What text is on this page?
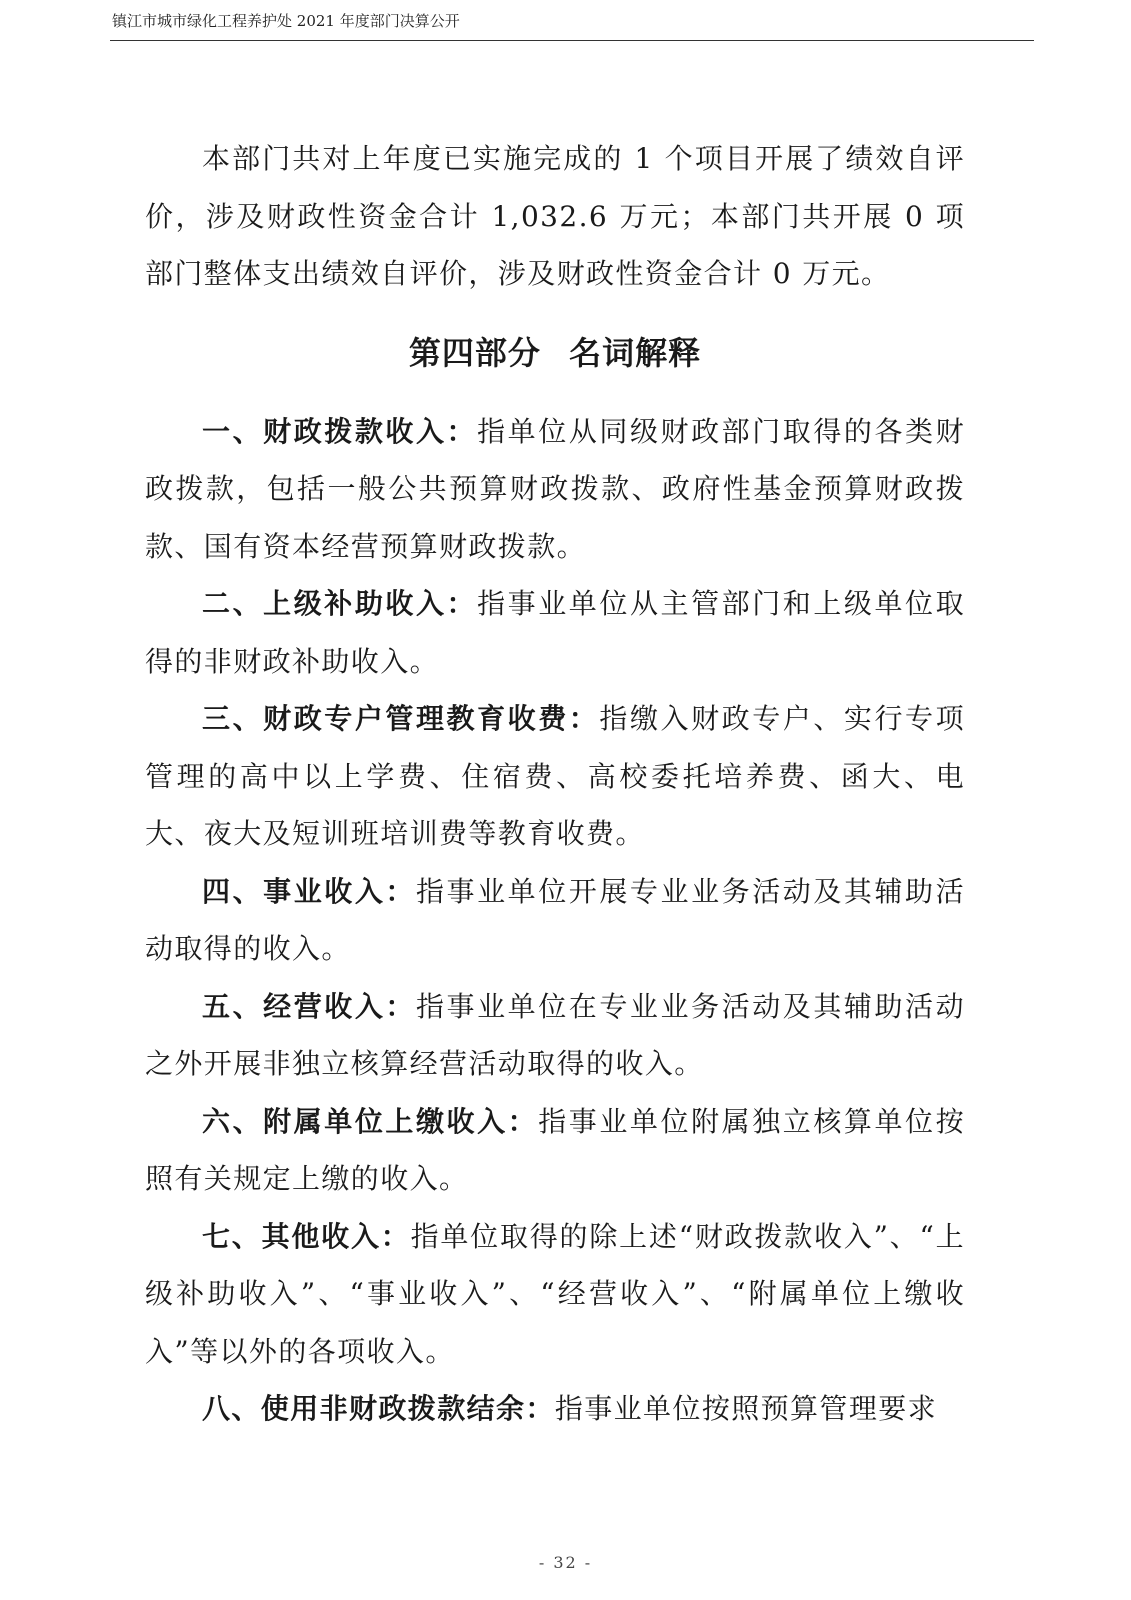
镇江市城市绿化工程养护处 2021 年度部门决算公开

本部门共对上年度已实施完成的 1 个项目开展了绩效自评价，涉及财政性资金合计 1,032.6 万元；本部门共开展 0 项部门整体支出绩效自评价，涉及财政性资金合计 0 万元。

第四部分 名词解释

一、财政拨款收入：指单位从同级财政部门取得的各类财政拨款，包括一般公共预算财政拨款、政府性基金预算财政拨款、国有资本经营预算财政拨款。

二、上级补助收入：指事业单位从主管部门和上级单位取得的非财政补助收入。

三、财政专户管理教育收费：指缴入财政专户、实行专项管理的高中以上学费、住宿费、高校委托培养费、函大、电大、夜大及短训班培训费等教育收费。

四、事业收入：指事业单位开展专业业务活动及其辅助活动取得的收入。

五、经营收入：指事业单位在专业业务活动及其辅助活动之外开展非独立核算经营活动取得的收入。

六、附属单位上缴收入：指事业单位附属独立核算单位按照有关规定上缴的收入。

七、其他收入：指单位取得的除上述“财政拨款收入”、“上级补助收入”、“事业收入”、“经营收入”、“附属单位上缴收入”等以外的各项收入。

八、使用非财政拨款结余：指事业单位按照预算管理要求

- 32 -
